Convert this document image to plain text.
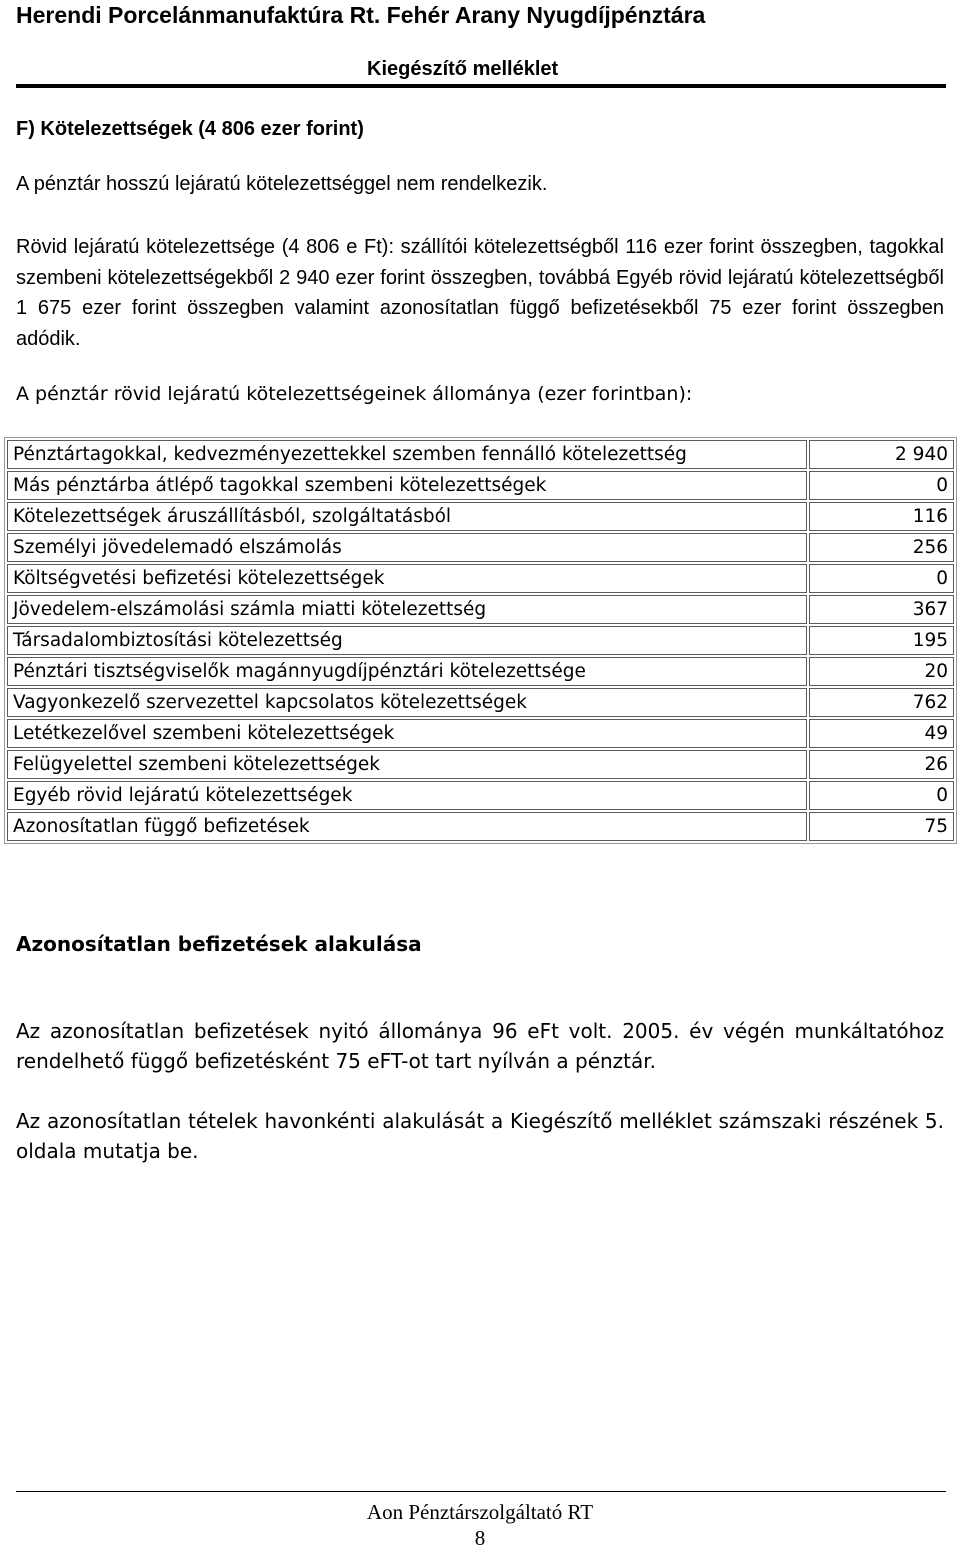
Herendi Porcelánmanufaktúra Rt. Fehér Arany Nyugdíjpénztára
Kiegészítő melléklet
F) Kötelezettségek (4 806 ezer forint)
A pénztár hosszú lejáratú kötelezettséggel nem rendelkezik.
Rövid lejáratú kötelezettsége (4 806 e Ft): szállítói kötelezettségből 116 ezer forint összegben, tagokkal szembeni kötelezettségekből 2 940 ezer forint összegben, továbbá Egyéb rövid lejáratú kötelezettségből 1 675 ezer forint összegben valamint azonosítatlan függő befizetésekből 75 ezer forint összegben adódik.
A pénztár rövid lejáratú kötelezettségeinek állománya (ezer forintban):
Pénztártagokkal, kedvezményezettekkel szemben fennálló kötelezettség	2 940
Más pénztárba átlépő tagokkal szembeni kötelezettségek	0
Kötelezettségek áruszállításból, szolgáltatásból	116
Személyi jövedelemadó elszámolás	256
Költségvetési befizetési kötelezettségek	0
Jövedelem-elszámolási számla miatti kötelezettség	367
Társadalombiztosítási kötelezettség	195
Pénztári tisztségviselők magánnyugdíjpénztári kötelezettsége	20
Vagyonkezelő szervezettel kapcsolatos kötelezettségek	762
Letétkezelővel szembeni kötelezettségek	49
Felügyelettel szembeni kötelezettségek	26
Egyéb rövid lejáratú kötelezettségek	0
Azonosítatlan függő befizetések	75
Azonosítatlan befizetések alakulása
Az azonosítatlan befizetések nyitó állománya 96 eFt volt. 2005. év végén munkáltatóhoz rendelhető függő befizetésként 75 eFT-ot tart nyílván a pénztár.
Az azonosítatlan tételek havonkénti alakulását a Kiegészítő melléklet számszaki részének 5. oldala mutatja be.
Aon Pénztárszolgáltató RT
8
